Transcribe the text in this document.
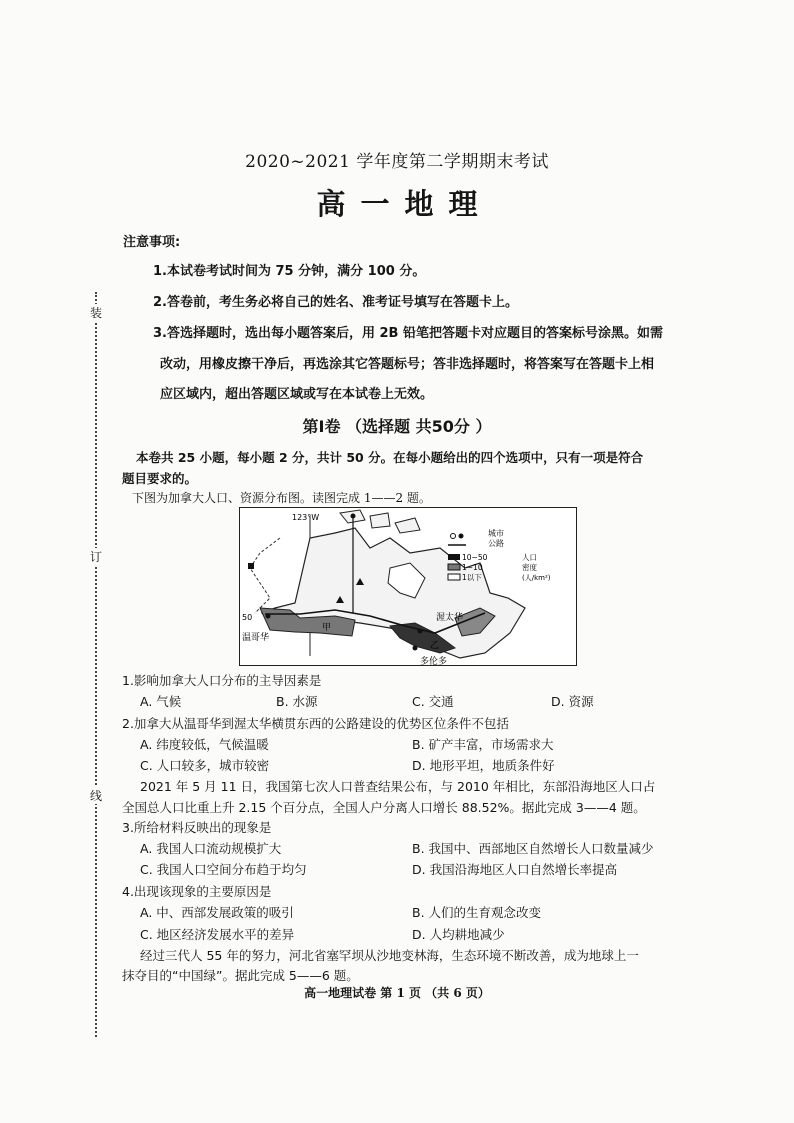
装
订
线
2020~2021 学年度第二学期期末考试
高一地理
注意事项:
1.本试卷考试时间为 75 分钟，满分 100 分。
2.答卷前，考生务必将自己的姓名、准考证号填写在答题卡上。
3.答选择题时，选出每小题答案后，用 2B 铅笔把答题卡对应题目的答案标号涂黑。如需
改动，用橡皮擦干净后，再选涂其它答题标号；答非选择题时，将答案写在答题卡上相
应区域内，超出答题区域或写在本试卷上无效。
第Ⅰ卷 （选择题 共50分 ）
本卷共 25 小题，每小题 2 分，共计 50 分。在每小题给出的四个选项中，只有一项是符合
题目要求的。
下图为加拿大人口、资源分布图。读图完成 1——2 题。
城市
公路
10~50
1~10
1以下
人口
密度
(人/km²)
123°W
50
温哥华
渥太华
多伦多
甲
乙
1.影响加拿大人口分布的主导因素是
A. 气候	B. 水源	C. 交通	D. 资源
2.加拿大从温哥华到渥太华横贯东西的公路建设的优势区位条件不包括
A. 纬度较低，气候温暖	B. 矿产丰富，市场需求大
C. 人口较多，城市较密	D. 地形平坦，地质条件好
2021 年 5 月 11 日，我国第七次人口普查结果公布，与 2010 年相比，东部沿海地区人口占
全国总人口比重上升 2.15 个百分点，全国人户分离人口增长 88.52%。据此完成 3——4 题。
3.所给材料反映出的现象是
A. 我国人口流动规模扩大	B. 我国中、西部地区自然增长人口数量减少
C. 我国人口空间分布趋于均匀	D. 我国沿海地区人口自然增长率提高
4.出现该现象的主要原因是
A. 中、西部发展政策的吸引	B. 人们的生育观念改变
C. 地区经济发展水平的差异	D. 人均耕地减少
经过三代人 55 年的努力，河北省塞罕坝从沙地变林海，生态环境不断改善，成为地球上一
抹夺目的“中国绿”。据此完成 5——6 题。
高一地理试卷 第 1 页 （共 6 页）
